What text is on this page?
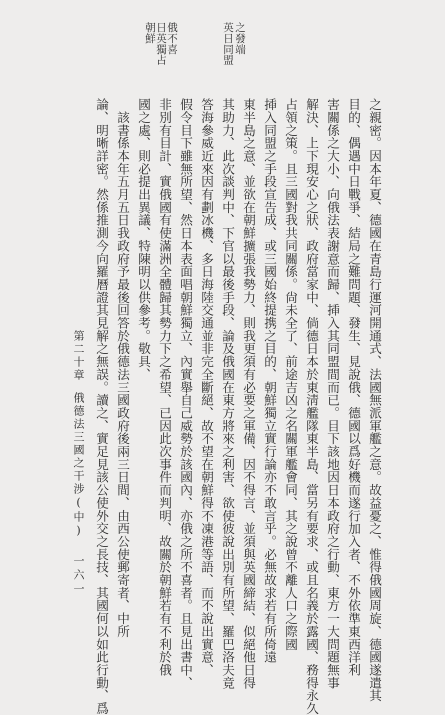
英日同盟 之發端
俄不喜
日英獨占
朝鮮
之親密。因本年夏、德國在青島行運河開通式、法國無派軍艦之意。故益憂之、惟得俄國周旋、德國遂遣其
目的、偶遇中日戰爭、結局之難問題、發生、見說俄、德國以爲好機而遂行加入者、不外依準東西洋利
害關係之大小、向俄法表謝意而歸、揷入其同盟間而已。目下該地因日本政府之行動、東方一大問題無事
解決、上下現安心之狀、政府當家中、倘德日本於東淸艦隊東半島、當另有要求、或且名義於露國、務得永久
占領之策。且三國對我共同關係。尙未全了、前途吉凶之名關軍艦會同、其之說曾不離人口之際國
揷入同盟之手段宣告成、或三國始終提携之目的、朝鮮獨立實行論亦不敢言乎。必無故求若有所倚遠
東半島之意、並欲在朝鮮擴張我勢力、則我更須有必要之軍備、因不得言、並須與英國締結、似絕他日得
其助力、此次談判中、下官以最後手段、論及俄國在東方將來之利害、欲使彼說出別有所望、羅巴洛夫竟
答海參威近來因有劃冰機、多日海陸交通並非完全斷絕、故不望在朝鮮得不凍港等語、而不說出實意、
假令目下雖無所望、然日本表面唱朝鮮獨立、內實舉自己威勢於該國內、亦俄之所不喜者。且見出書中、
非別有目計、實俄國有使滿洲全體歸其勢力下之希望、已因此次事件而判明、故關於朝鮮若有不利於俄
國之處、則必提出異議、特陳明以供參考。敬具、
　該書係本年五月五日我政府予最後回答於俄德法三國政府後兩三日間、由西公使郵寄者、中所
論、明晰詳密。然係推測今向羅曆證其見解之無誤。讀之、實足見該公使外交之長技、其國何以如此行動、爲
第二十章俄德法三國之干涉(中)
一六一
